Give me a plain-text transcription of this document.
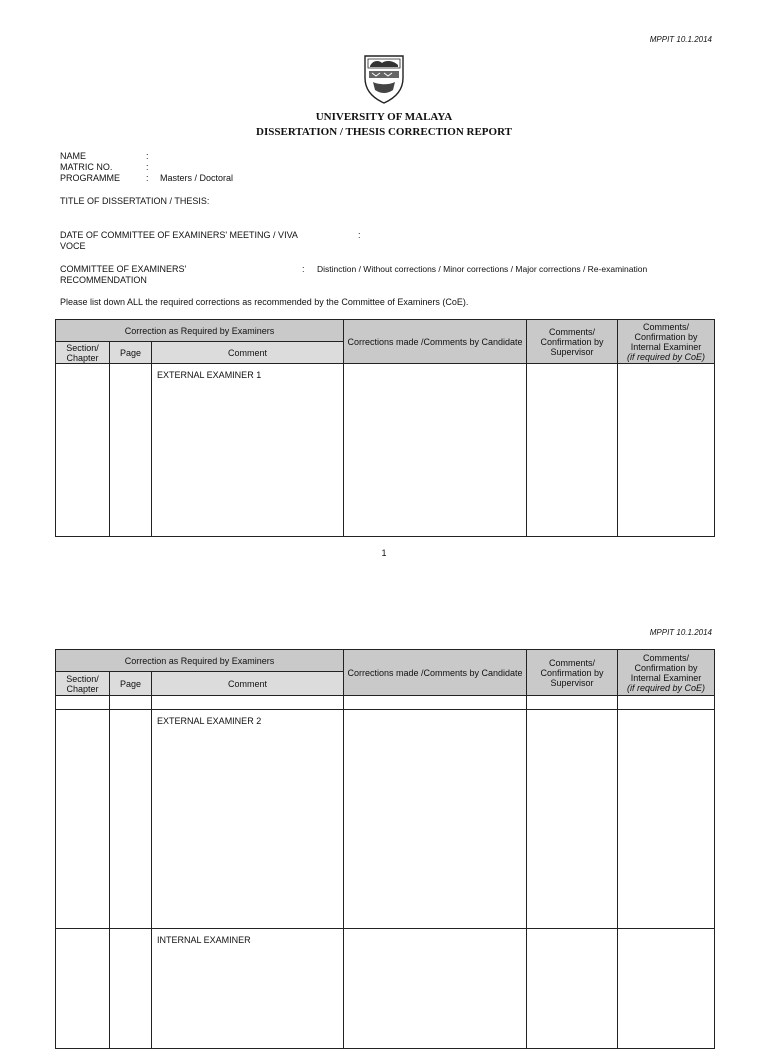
MPPIT 10.1.2014
UNIVERSITY OF MALAYA
DISSERTATION / THESIS CORRECTION REPORT
NAME	:
MATRIC NO.	:
PROGRAMME	: Masters / Doctoral
TITLE OF DISSERTATION / THESIS:
DATE OF COMMITTEE OF EXAMINERS' MEETING / VIVA	:
VOCE
COMMITTEE OF EXAMINERS'	: Distinction / Without corrections / Minor corrections / Major corrections / Re-examination
RECOMMENDATION
Please list down ALL the required corrections as recommended by the Committee of Examiners (CoE).
Correction as Required by Examiners			Corrections made /Comments by Candidate	Comments/ Confirmation by Supervisor	Comments/ Confirmation by Internal Examiner
(if required by CoE)
Section/ Chapter	Page	Comment			
		EXTERNAL EXAMINER 1			
1
MPPIT 10.1.2014
Correction as Required by Examiners			Corrections made /Comments by Candidate	Comments/ Confirmation by Supervisor	Comments/ Confirmation by Internal Examiner
(if required by CoE)
Section/ Chapter	Page	Comment			

		EXTERNAL EXAMINER 2			
		INTERNAL EXAMINER			
